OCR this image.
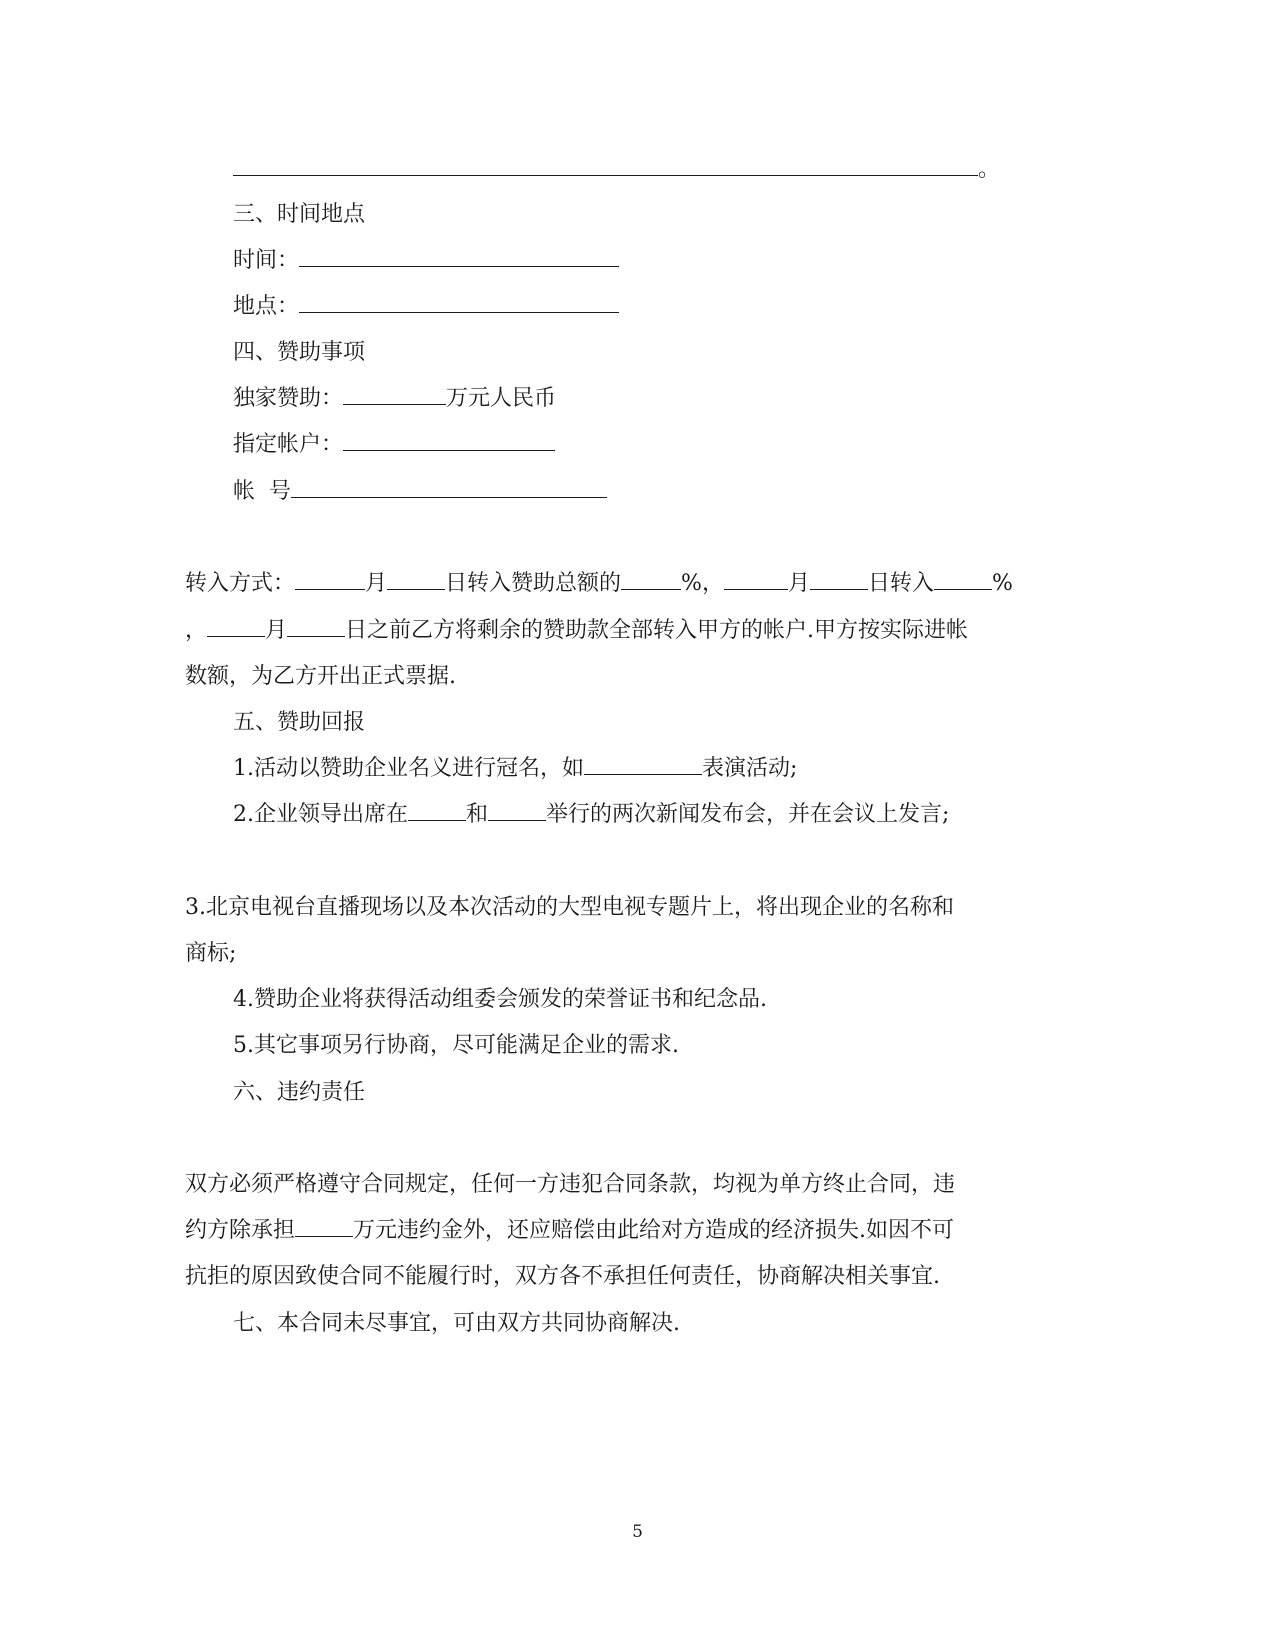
。
三、时间地点
时间：
地点：
四、赞助事项
独家赞助：	万元人民币
指定帐户：
帐  号
转入方式：	月	日转入赞助总额的	%，	月	日转入	%
，	月	日之前乙方将剩余的赞助款全部转入甲方的帐户.甲方按实际进帐
数额，为乙方开出正式票据.
五、赞助回报
1.活动以赞助企业名义进行冠名，如	表演活动;
2.企业领导出席在	和	举行的两次新闻发布会，并在会议上发言;
3.北京电视台直播现场以及本次活动的大型电视专题片上，将出现企业的名称和
商标;
4.赞助企业将获得活动组委会颁发的荣誉证书和纪念品.
5.其它事项另行协商，尽可能满足企业的需求.
六、违约责任
双方必须严格遵守合同规定，任何一方违犯合同条款，均视为单方终止合同，违
约方除承担	万元违约金外，还应赔偿由此给对方造成的经济损失.如因不可
抗拒的原因致使合同不能履行时，双方各不承担任何责任，协商解决相关事宜.
七、本合同未尽事宜，可由双方共同协商解决.
5
